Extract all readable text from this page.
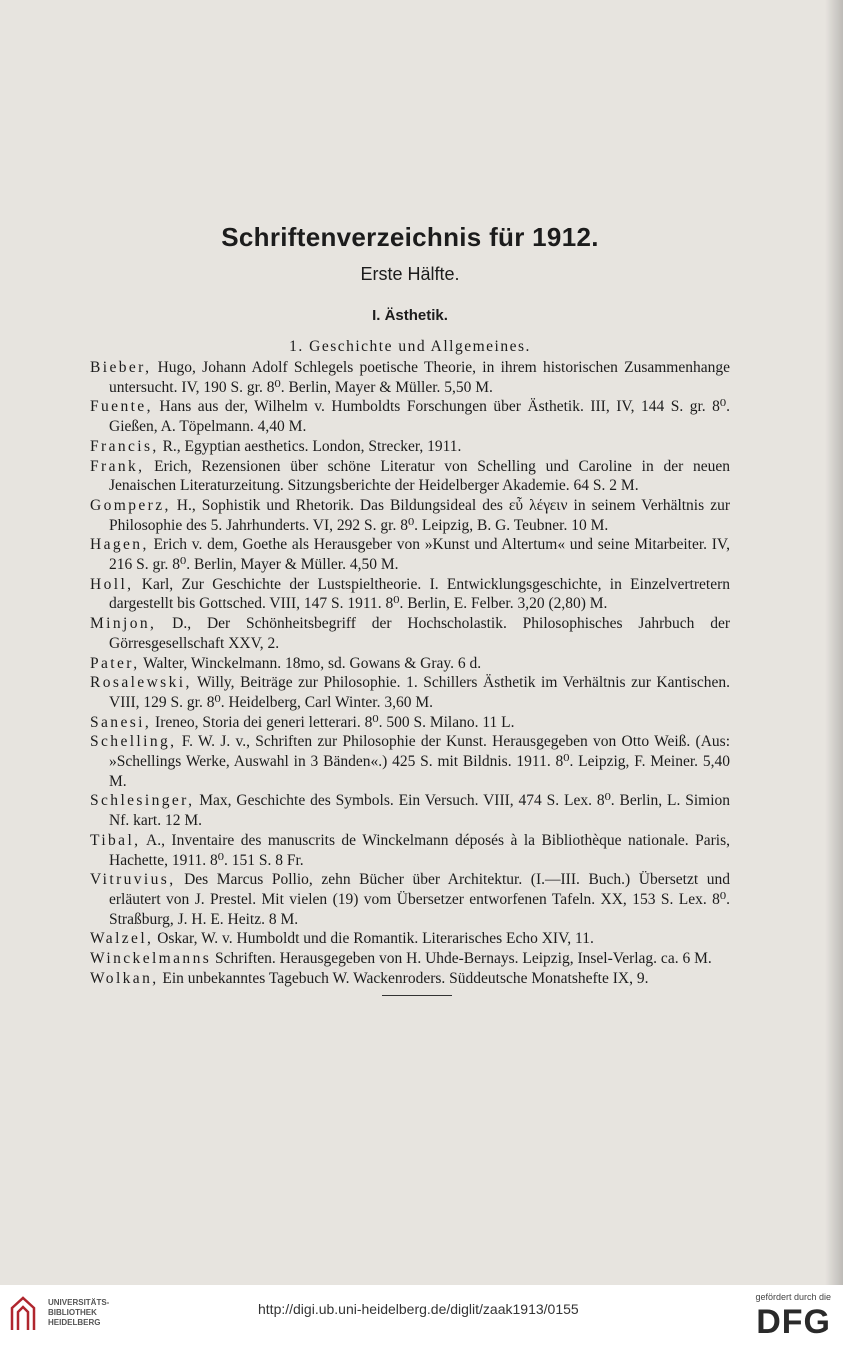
Schriftenverzeichnis für 1912.
Erste Hälfte.
I. Ästhetik.
1. Geschichte und Allgemeines.
Bieber, Hugo, Johann Adolf Schlegels poetische Theorie, in ihrem historischen Zusammenhange untersucht. IV, 190 S. gr. 8⁰. Berlin, Mayer & Müller. 5,50 M.
Fuente, Hans aus der, Wilhelm v. Humboldts Forschungen über Ästhetik. III, IV, 144 S. gr. 8⁰. Gießen, A. Töpelmann. 4,40 M.
Francis, R., Egyptian aesthetics. London, Strecker, 1911.
Frank, Erich, Rezensionen über schöne Literatur von Schelling und Caroline in der neuen Jenaischen Literaturzeitung. Sitzungsberichte der Heidelberger Akademie. 64 S. 2 M.
Gomperz, H., Sophistik und Rhetorik. Das Bildungsideal des εὖ λέγειν in seinem Verhältnis zur Philosophie des 5. Jahrhunderts. VI, 292 S. gr. 8⁰. Leipzig, B. G. Teubner. 10 M.
Hagen, Erich v. dem, Goethe als Herausgeber von »Kunst und Altertum« und seine Mitarbeiter. IV, 216 S. gr. 8⁰. Berlin, Mayer & Müller. 4,50 M.
Holl, Karl, Zur Geschichte der Lustspieltheorie. I. Entwicklungsgeschichte, in Einzelvertretern dargestellt bis Gottsched. VIII, 147 S. 1911. 8⁰. Berlin, E. Felber. 3,20 (2,80) M.
Minjon, D., Der Schönheitsbegriff der Hochscholastik. Philosophisches Jahrbuch der Görresgesellschaft XXV, 2.
Pater, Walter, Winckelmann. 18mo, sd. Gowans & Gray. 6 d.
Rosalewski, Willy, Beiträge zur Philosophie. 1. Schillers Ästhetik im Verhältnis zur Kantischen. VIII, 129 S. gr. 8⁰. Heidelberg, Carl Winter. 3,60 M.
Sanesi, Ireneo, Storia dei generi letterari. 8⁰. 500 S. Milano. 11 L.
Schelling, F. W. J. v., Schriften zur Philosophie der Kunst. Herausgegeben von Otto Weiß. (Aus: »Schellings Werke, Auswahl in 3 Bänden«.) 425 S. mit Bildnis. 1911. 8⁰. Leipzig, F. Meiner. 5,40 M.
Schlesinger, Max, Geschichte des Symbols. Ein Versuch. VIII, 474 S. Lex. 8⁰. Berlin, L. Simion Nf. kart. 12 M.
Tibal, A., Inventaire des manuscrits de Winckelmann déposés à la Bibliothèque nationale. Paris, Hachette, 1911. 8⁰. 151 S. 8 Fr.
Vitruvius, Des Marcus Pollio, zehn Bücher über Architektur. (I.—III. Buch.) Übersetzt und erläutert von J. Prestel. Mit vielen (19) vom Übersetzer entworfenen Tafeln. XX, 153 S. Lex. 8⁰. Straßburg, J. H. E. Heitz. 8 M.
Walzel, Oskar, W. v. Humboldt und die Romantik. Literarisches Echo XIV, 11.
Winckelmanns Schriften. Herausgegeben von H. Uhde-Bernays. Leipzig, Insel-Verlag. ca. 6 M.
Wolkan, Ein unbekanntes Tagebuch W. Wackenroders. Süddeutsche Monatshefte IX, 9.
UNIVERSITÄTS-
BIBLIOTHEK
HEIDELBERG
http://digi.ub.uni-heidelberg.de/diglit/zaak1913/0155
gefördert durch die
DFG
